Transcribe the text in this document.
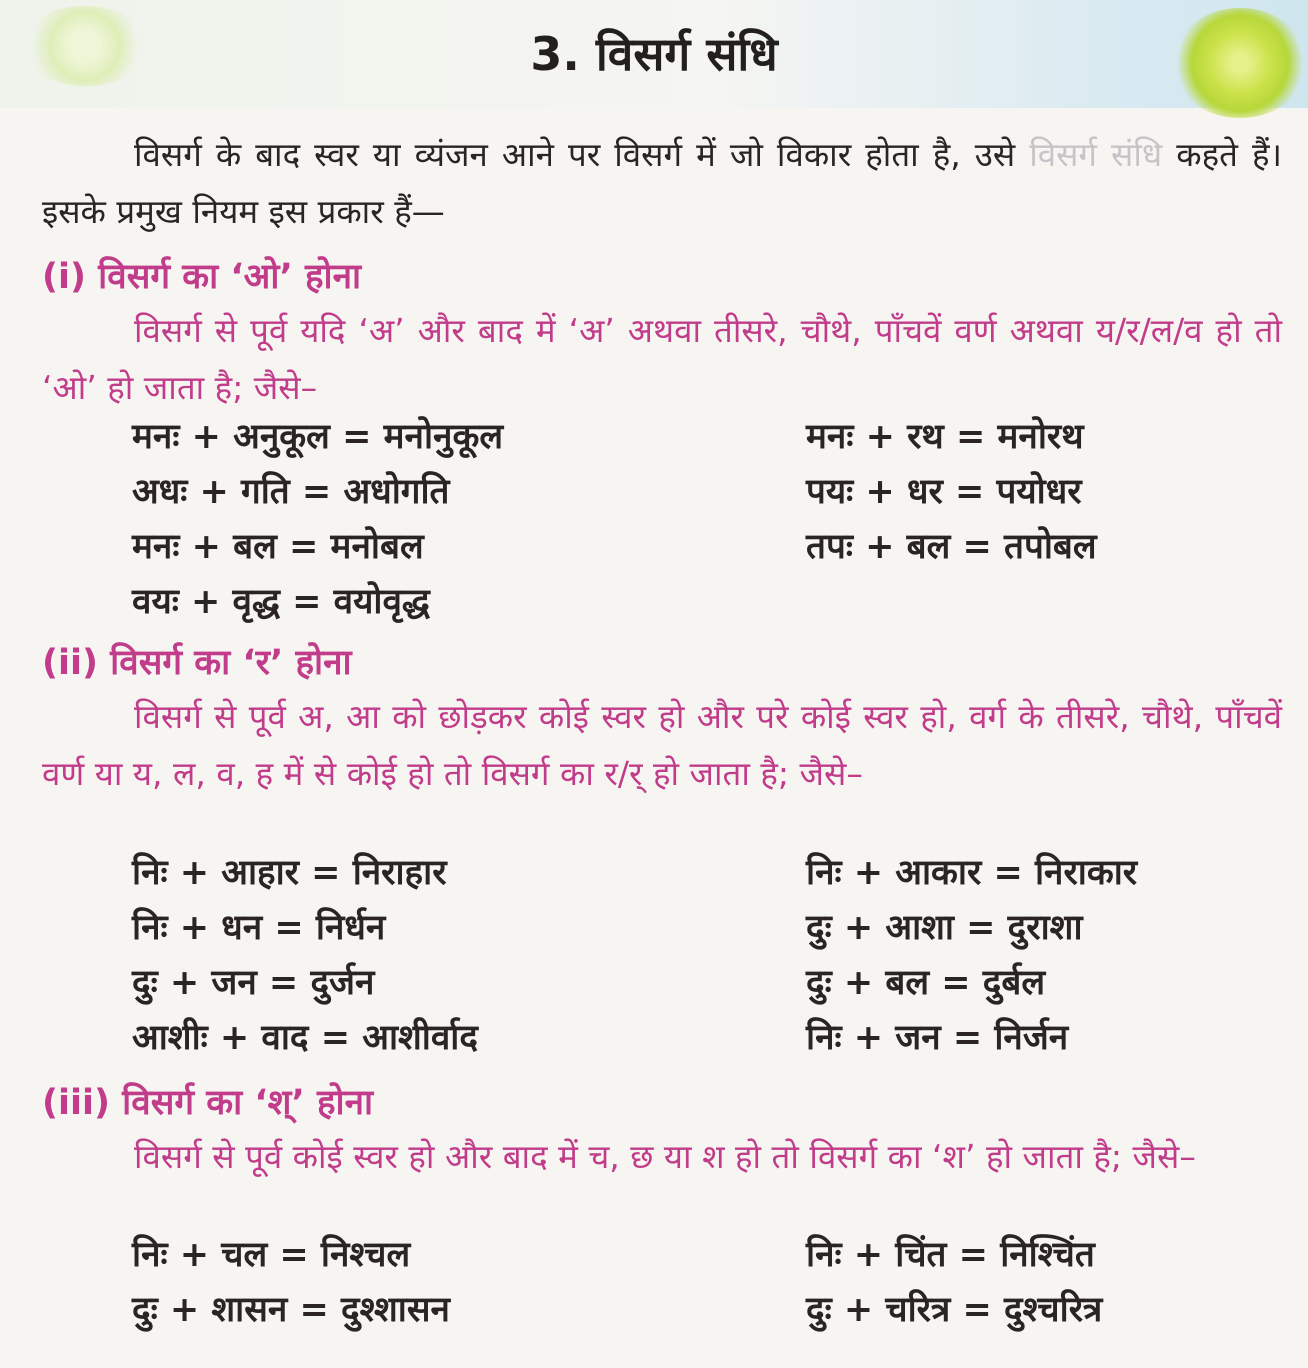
3. विसर्ग संधि

विसर्ग के बाद स्वर या व्यंजन आने पर विसर्ग में जो विकार होता है, उसे विसर्ग संधि कहते हैं। इसके प्रमुख नियम इस प्रकार हैं—

(i) विसर्ग का ‘ओ’ होना

विसर्ग से पूर्व यदि ‘अ’ और बाद में ‘अ’ अथवा तीसरे, चौथे, पाँचवें वर्ण अथवा य/र/ल/व हो तो ‘ओ’ हो जाता है; जैसे–

मनः + अनुकूल = मनोनुकूल
अधः + गति = अधोगति
मनः + बल = मनोबल
वयः + वृद्ध = वयोवृद्ध
मनः + रथ = मनोरथ
पयः + धर = पयोधर
तपः + बल = तपोबल
(ii) विसर्ग का ‘र’ होना

विसर्ग से पूर्व अ, आ को छोड़कर कोई स्वर हो और परे कोई स्वर हो, वर्ग के तीसरे, चौथे, पाँचवें वर्ण या य, ल, व, ह में से कोई हो तो विसर्ग का र/र् हो जाता है; जैसे–

निः + आहार = निराहार
निः + धन = निर्धन
दुः + जन = दुर्जन
आशीः + वाद = आशीर्वाद
निः + आकार = निराकार
दुः + आशा = दुराशा
दुः + बल = दुर्बल
निः + जन = निर्जन
(iii) विसर्ग का ‘श्’ होना

विसर्ग से पूर्व कोई स्वर हो और बाद में च, छ या श हो तो विसर्ग का ‘श’ हो जाता है; जैसे–

निः + चल = निश्चल
दुः + शासन = दुश्शासन
निः + चिंत = निश्चिंत
दुः + चरित्र = दुश्चरित्र
